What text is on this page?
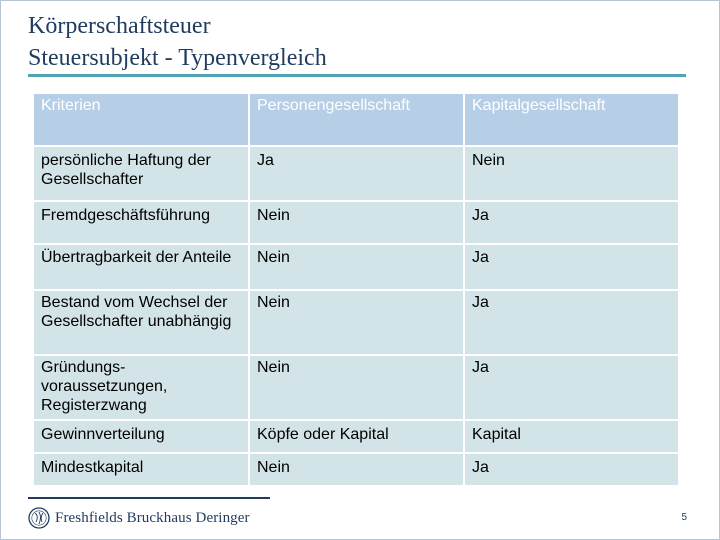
Körperschaftsteuer
Steuersubjekt - Typenvergleich
Kriterien	Personengesellschaft	Kapitalgesellschaft
persönliche Haftung der Gesellschafter	Ja	Nein
Fremdgeschäftsführung	Nein	Ja
Übertragbarkeit der Anteile	Nein	Ja
Bestand vom Wechsel der Gesellschafter unabhängig	Nein	Ja
Gründungs-voraussetzungen, Registerzwang	Nein	Ja
Gewinnverteilung	Köpfe oder Kapital	Kapital
Mindestkapital	Nein	Ja
Freshfields Bruckhaus Deringer	5
